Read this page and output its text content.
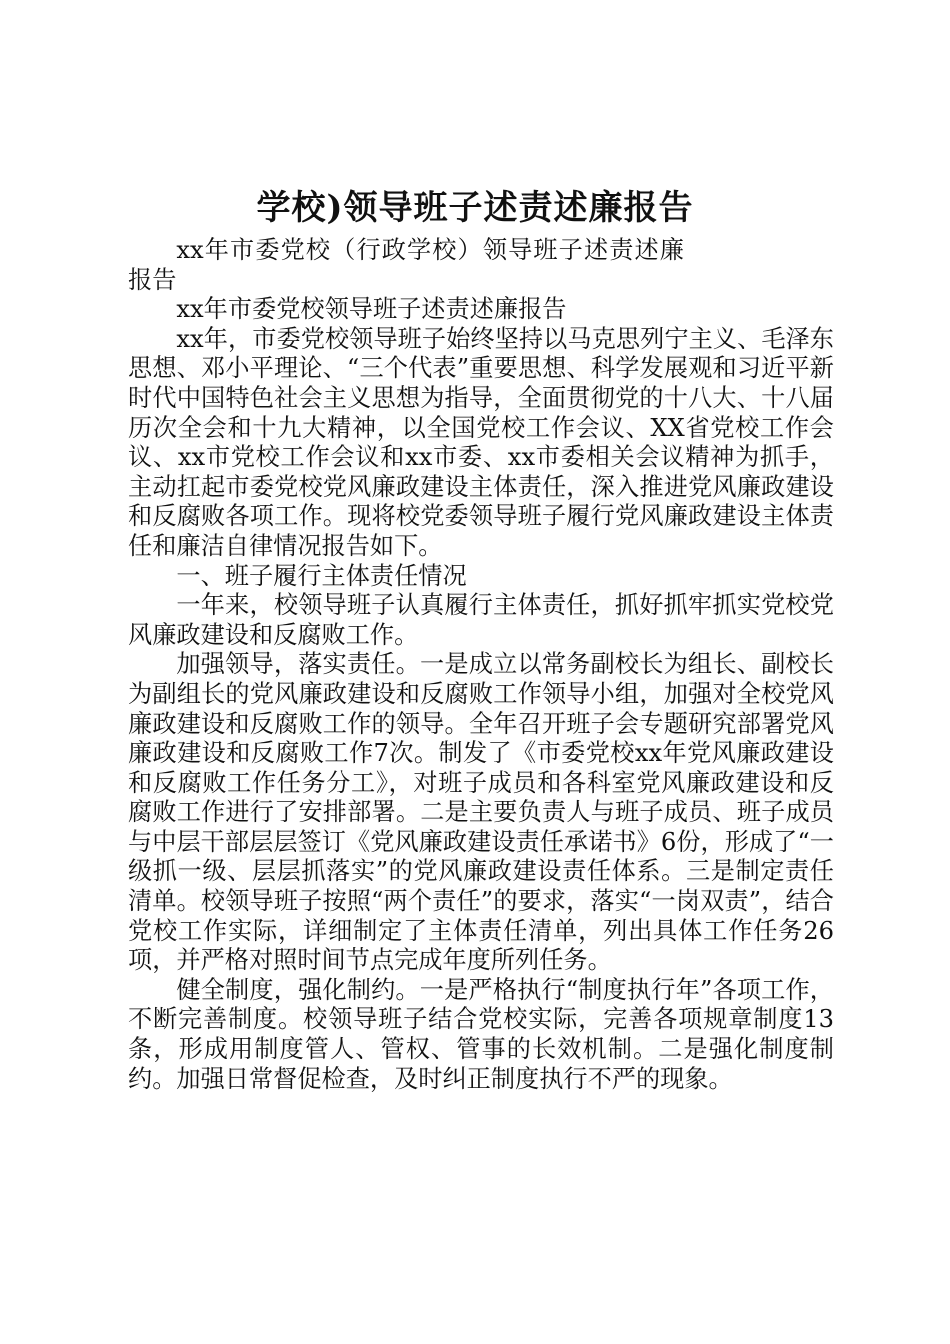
学校)领导班子述责述廉报告

xx年市委党校（行政学校）领导班子述责述廉报告

xx年市委党校领导班子述责述廉报告

xx年，市委党校领导班子始终坚持以马克思列宁主义、毛泽东思想、邓小平理论、“三个代表”重要思想、科学发展观和习近平新时代中国特色社会主义思想为指导，全面贯彻党的十八大、十八届历次全会和十九大精神，以全国党校工作会议、XX省党校工作会议、xx市党校工作会议和xx市委、xx市委相关会议精神为抓手，主动扛起市委党校党风廉政建设主体责任，深入推进党风廉政建设和反腐败各项工作。现将校党委领导班子履行党风廉政建设主体责任和廉洁自律情况报告如下。

一、班子履行主体责任情况

一年来，校领导班子认真履行主体责任，抓好抓牢抓实党校党风廉政建设和反腐败工作。

加强领导，落实责任。一是成立以常务副校长为组长、副校长为副组长的党风廉政建设和反腐败工作领导小组，加强对全校党风廉政建设和反腐败工作的领导。全年召开班子会专题研究部署党风廉政建设和反腐败工作7次。制发了《市委党校xx年党风廉政建设和反腐败工作任务分工》，对班子成员和各科室党风廉政建设和反腐败工作进行了安排部署。二是主要负责人与班子成员、班子成员与中层干部层层签订《党风廉政建设责任承诺书》6份，形成了“一级抓一级、层层抓落实”的党风廉政建设责任体系。三是制定责任清单。校领导班子按照“两个责任”的要求，落实“一岗双责”，结合党校工作实际，详细制定了主体责任清单，列出具体工作任务26项，并严格对照时间节点完成年度所列任务。

健全制度，强化制约。一是严格执行“制度执行年”各项工作，不断完善制度。校领导班子结合党校实际，完善各项规章制度13条，形成用制度管人、管权、管事的长效机制。二是强化制度制约。加强日常督促检查，及时纠正制度执行不严的现象。
